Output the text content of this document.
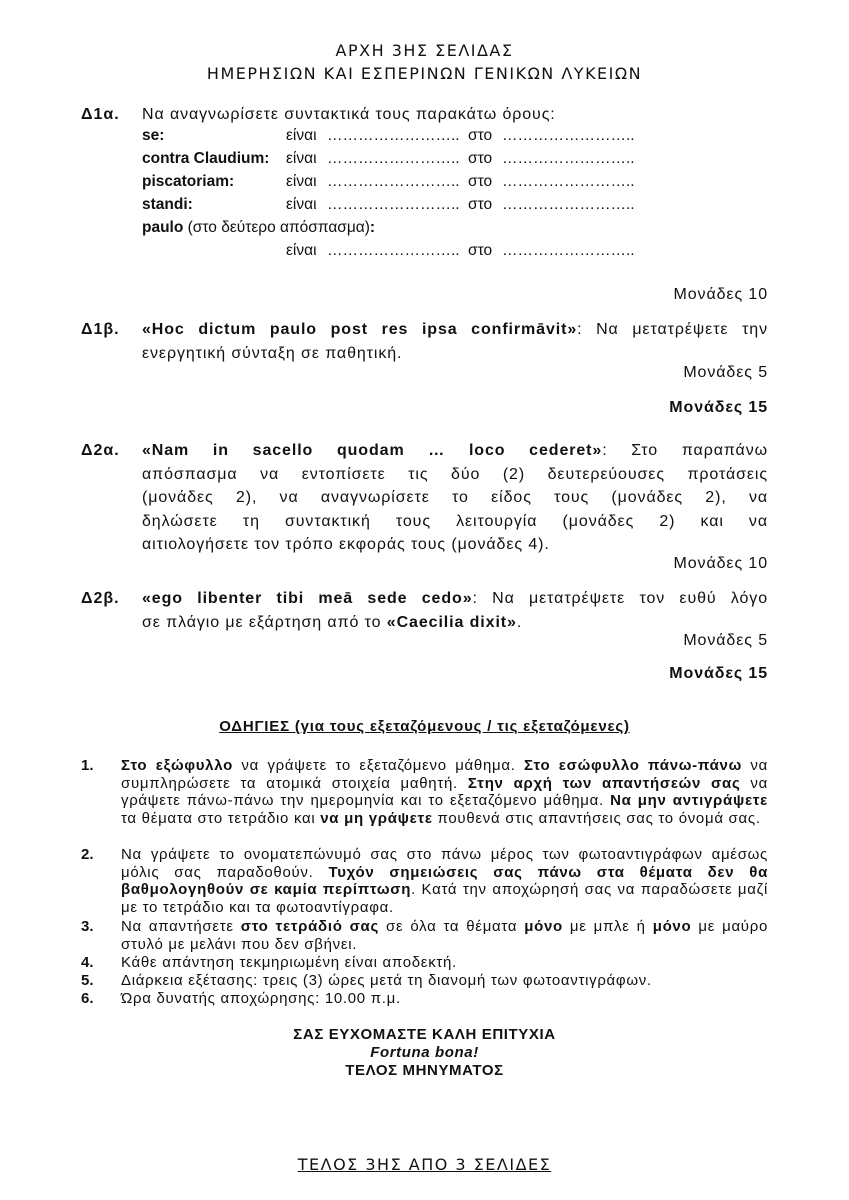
ΑΡΧΗ 3ΗΣ ΣΕΛΙΔΑΣ
ΗΜΕΡΗΣΙΩΝ ΚΑΙ ΕΣΠΕΡΙΝΩΝ ΓΕΝΙΚΩΝ ΛΥΚΕΙΩΝ
Δ1α. Να αναγνωρίσετε συντακτικά τους παρακάτω όρους:
se:	είναι …………………….. στο ……………………..
contra Claudium: είναι …………………….. στο ……………………..
piscatoriam:	είναι …………………….. στο ……………………..
standi:	είναι …………………….. στο ……………………..
paulo (στο δεύτερο απόσπασμα):
είναι …………………….. στο ……………………..
Μονάδες 10
Δ1β. «Hoc dictum paulo post res ipsa confirmāvit»: Να μετατρέψετε την
ενεργητική σύνταξη σε παθητική.
Μονάδες 5
Μονάδες 15
Δ2α. «Nam in sacello quodam … loco cederet»: Στο παραπάνω
απόσπασμα να εντοπίσετε τις δύο (2) δευτερεύουσες προτάσεις
(μονάδες 2), να αναγνωρίσετε το είδος τους (μονάδες 2), να
δηλώσετε τη συντακτική τους λειτουργία (μονάδες 2) και να
αιτιολογήσετε τον τρόπο εκφοράς τους (μονάδες 4).
Μονάδες 10
Δ2β. «ego libenter tibi meā sede cedo»: Να μετατρέψετε τον ευθύ λόγο
σε πλάγιο με εξάρτηση από το «Caecilia dixit».
Μονάδες 5
Μονάδες 15
ΟΔΗΓΙΕΣ (για τους εξεταζόμενους / τις εξεταζόμενες)
1. Στο εξώφυλλο να γράψετε το εξεταζόμενο μάθημα. Στο εσώφυλλο πάνω-πάνω να συμπληρώσετε τα ατομικά στοιχεία μαθητή. Στην αρχή των απαντήσεών σας να γράψετε πάνω-πάνω την ημερομηνία και το εξεταζόμενο μάθημα. Να μην αντιγράψετε τα θέματα στο τετράδιο και να μη γράψετε πουθενά στις απαντήσεις σας το όνομά σας.
2. Να γράψετε το ονοματεπώνυμό σας στο πάνω μέρος των φωτοαντιγράφων αμέσως μόλις σας παραδοθούν. Τυχόν σημειώσεις σας πάνω στα θέματα δεν θα βαθμολογηθούν σε καμία περίπτωση. Κατά την αποχώρησή σας να παραδώσετε μαζί με το τετράδιο και τα φωτοαντίγραφα.
3. Να απαντήσετε στο τετράδιό σας σε όλα τα θέματα μόνο με μπλε ή μόνο με μαύρο στυλό με μελάνι που δεν σβήνει.
4. Κάθε απάντηση τεκμηριωμένη είναι αποδεκτή.
5. Διάρκεια εξέτασης: τρεις (3) ώρες μετά τη διανομή των φωτοαντιγράφων.
6. Ώρα δυνατής αποχώρησης: 10.00 π.μ.
ΣΑΣ ΕΥΧΟΜΑΣΤΕ ΚΑΛΗ ΕΠΙΤΥΧΙΑ
Fortuna bona!
ΤΕΛΟΣ ΜΗΝΥΜΑΤΟΣ
ΤΕΛΟΣ 3ΗΣ ΑΠΟ 3 ΣΕΛΙΔΕΣ
